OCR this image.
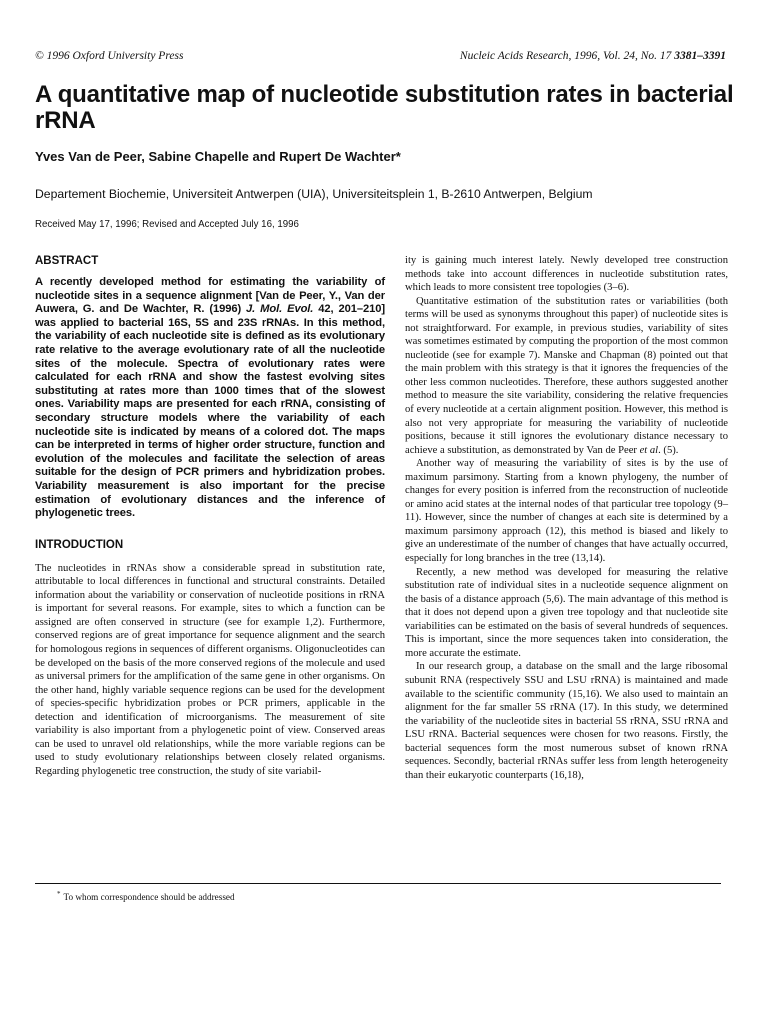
© 1996 Oxford University Press	Nucleic Acids Research, 1996, Vol. 24, No. 17 3381–3391
A quantitative map of nucleotide substitution rates in bacterial rRNA
Yves Van de Peer, Sabine Chapelle and Rupert De Wachter*
Departement Biochemie, Universiteit Antwerpen (UIA), Universiteitsplein 1, B-2610 Antwerpen, Belgium
Received May 17, 1996; Revised and Accepted July 16, 1996
ABSTRACT

A recently developed method for estimating the variability of nucleotide sites in a sequence alignment [Van de Peer, Y., Van der Auwera, G. and De Wachter, R. (1996) J. Mol. Evol. 42, 201–210] was applied to bacterial 16S, 5S and 23S rRNAs. In this method, the variability of each nucleotide site is defined as its evolutionary rate relative to the average evolutionary rate of all the nucleotide sites of the molecule. Spectra of evolutionary rates were calculated for each rRNA and show the fastest evolving sites substituting at rates more than 1000 times that of the slowest ones. Variability maps are presented for each rRNA, consisting of secondary structure models where the variability of each nucleotide site is indicated by means of a colored dot. The maps can be interpreted in terms of higher order structure, function and evolution of the molecules and facilitate the selection of areas suitable for the design of PCR primers and hybridization probes. Variability measurement is also important for the precise estimation of evolutionary distances and the inference of phylogenetic trees.

INTRODUCTION

The nucleotides in rRNAs show a considerable spread in substitution rate, attributable to local differences in functional and structural constraints. Detailed information about the variability or conservation of nucleotide positions in rRNA is important for several reasons. For example, sites to which a function can be assigned are often conserved in structure (see for example 1,2). Furthermore, conserved regions are of great importance for sequence alignment and the search for homologous regions in sequences of different organisms. Oligonucleotides can be developed on the basis of the more conserved regions of the molecule and used as universal primers for the amplification of the same gene in other organisms. On the other hand, highly variable sequence regions can be used for the development of species-specific hybridization probes or PCR primers, applicable in the detection and identification of microorganisms. The measurement of site variability is also important from a phylogenetic point of view. Conserved areas can be used to unravel old relationships, while the more variable regions can be used to study evolutionary relationships between closely related organisms. Regarding phylogenetic tree construction, the study of site variabil-

ity is gaining much interest lately. Newly developed tree construction methods take into account differences in nucleotide substitution rates, which leads to more consistent tree topologies (3–6).

Quantitative estimation of the substitution rates or variabilities (both terms will be used as synonyms throughout this paper) of nucleotide sites is not straightforward. For example, in previous studies, variability of sites was sometimes estimated by computing the proportion of the most common nucleotide (see for example 7). Manske and Chapman (8) pointed out that the main problem with this strategy is that it ignores the frequencies of the other less common nucleotides. Therefore, these authors suggested another method to measure the site variability, considering the relative frequencies of every nucleotide at a certain alignment position. However, this method is also not very appropriate for measuring the variability of nucleotide positions, because it still ignores the evolutionary distance necessary to achieve a substitution, as demonstrated by Van de Peer et al. (5).

Another way of measuring the variability of sites is by the use of maximum parsimony. Starting from a known phylogeny, the number of changes for every position is inferred from the reconstruction of nucleotide or amino acid states at the internal nodes of that particular tree topology (9–11). However, since the number of changes at each site is determined by a maximum parsimony approach (12), this method is biased and likely to give an underestimate of the number of changes that have actually occurred, especially for long branches in the tree (13,14).

Recently, a new method was developed for measuring the relative substitution rate of individual sites in a nucleotide sequence alignment on the basis of a distance approach (5,6). The main advantage of this method is that it does not depend upon a given tree topology and that nucleotide site variabilities can be estimated on the basis of several hundreds of sequences. This is important, since the more sequences taken into consideration, the more accurate the estimate.

In our research group, a database on the small and the large ribosomal subunit RNA (respectively SSU and LSU rRNA) is maintained and made available to the scientific community (15,16). We also used to maintain an alignment for the far smaller 5S rRNA (17). In this study, we determined the variability of the nucleotide sites in bacterial 5S rRNA, SSU rRNA and LSU rRNA. Bacterial sequences were chosen for two reasons. Firstly, the bacterial sequences form the most numerous subset of known rRNA sequences. Secondly, bacterial rRNAs suffer less from length heterogeneity than their eukaryotic counterparts (16,18),

* To whom correspondence should be addressed
